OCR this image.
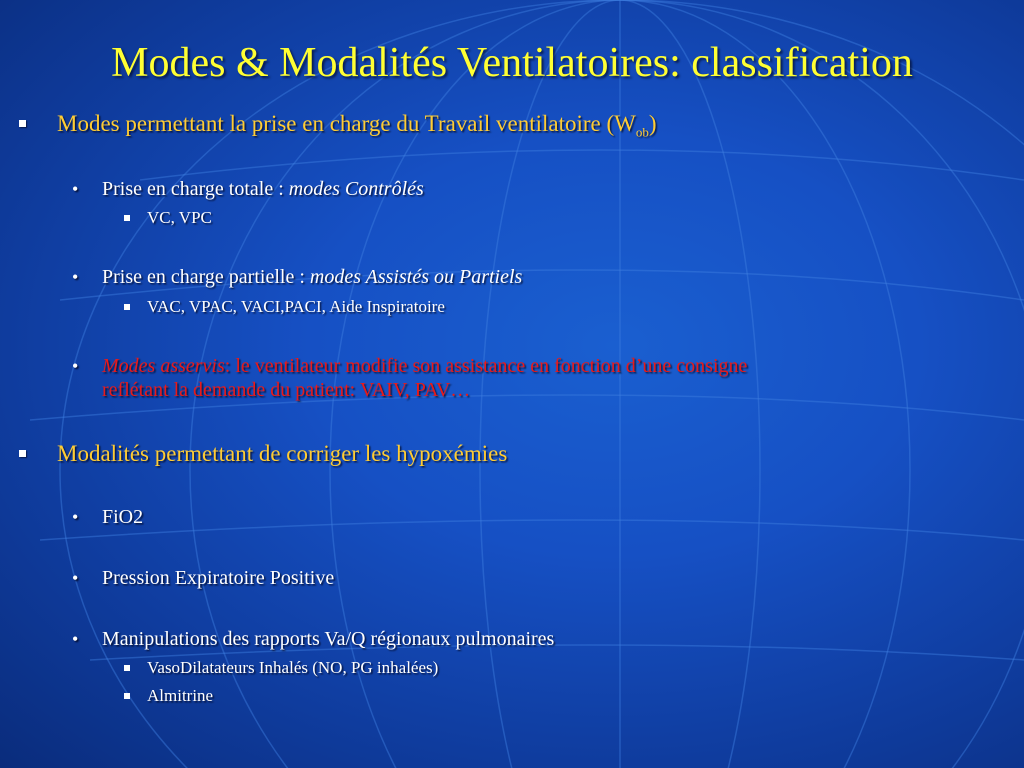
Modes & Modalités Ventilatoires: classification
Modes permettant la prise en charge du Travail ventilatoire $(W_{ob})$
• Prise en charge totale : modes Contrôlés
VC, VPC
• Prise en charge partielle : modes Assistés ou Partiels
VAC, VPAC, VACI,PACI, Aide Inspiratoire
• Modes asservis: le ventilateur modifie son assistance en fonction d’une consigne
reflétant la demande du patient: VAIV, PAV…
Modalités permettant de corriger les hypoxémies
• FiO2
• Pression Expiratoire Positive
• Manipulations des rapports Va/Q régionaux pulmonaires
VasoDilatateurs Inhalés (NO, PG inhalées)
Almitrine
